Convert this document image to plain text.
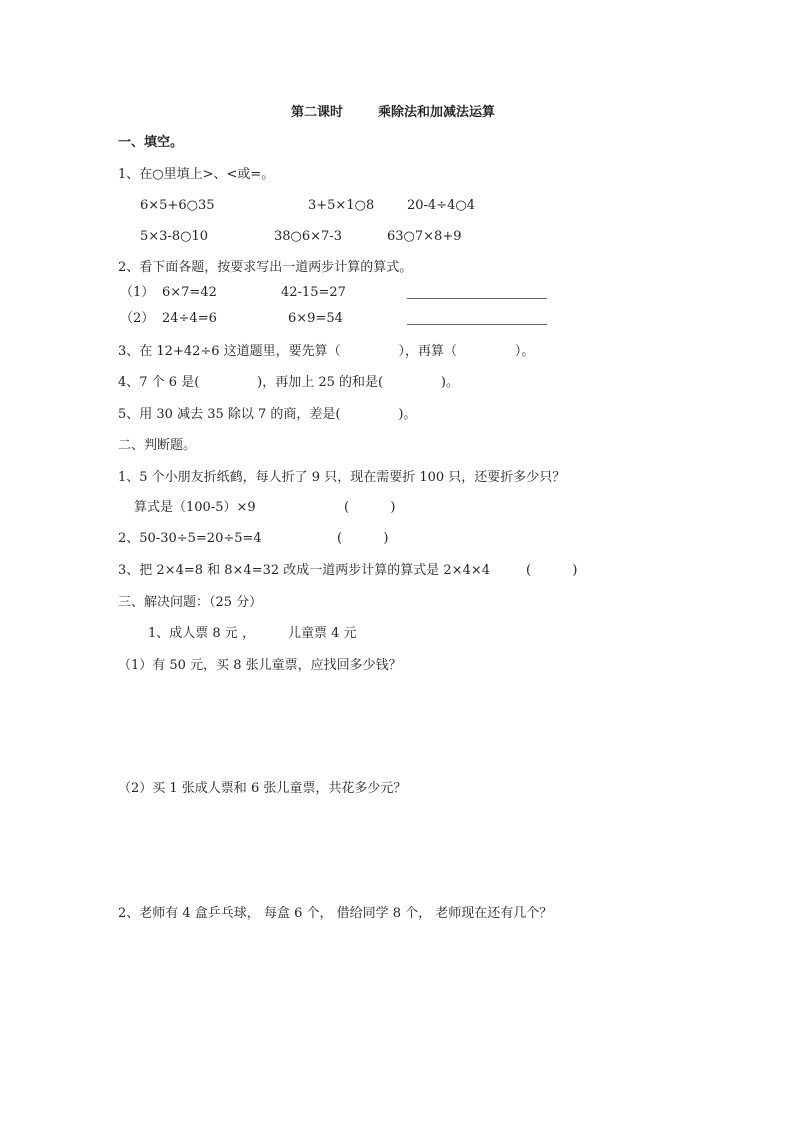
第二课时	乘除法和加减法运算
一、填空。
1、在○里填上>、<或=。
6×5+6○35	3+5×1○8	20-4÷4○4
5×3-8○10	38○6×7-3	63○7×8+9
2、看下面各题，按要求写出一道两步计算的算式。
（1） 6×7=42	42-15=27
（2） 24÷4=6	6×9=54
3、在 12+42÷6 这道题里，要先算（              ），再算（              ）。
4、7 个 6 是(              )，再加上 25 的和是(              )。
5、用 30 减去 35 除以 7 的商，差是(              )。
二、判断题。
1、5 个小朋友折纸鹤，每人折了 9 只，现在需要折 100 只，还要折多少只？
算式是（100-5）×9	(          )
2、50-30÷5=20÷5=4	(          )
3、把 2×4=8 和 8×4=32 改成一道两步计算的算式是 2×4×4	(          )
三、解决问题：（25 分）
1、成人票 8 元 ，        儿童票 4 元
（1）有 50 元，买 8 张儿童票，应找回多少钱？
（2）买 1 张成人票和 6 张儿童票，共花多少元？
2、老师有 4 盒乒乓球， 每盒 6 个， 借给同学 8 个， 老师现在还有几个？
